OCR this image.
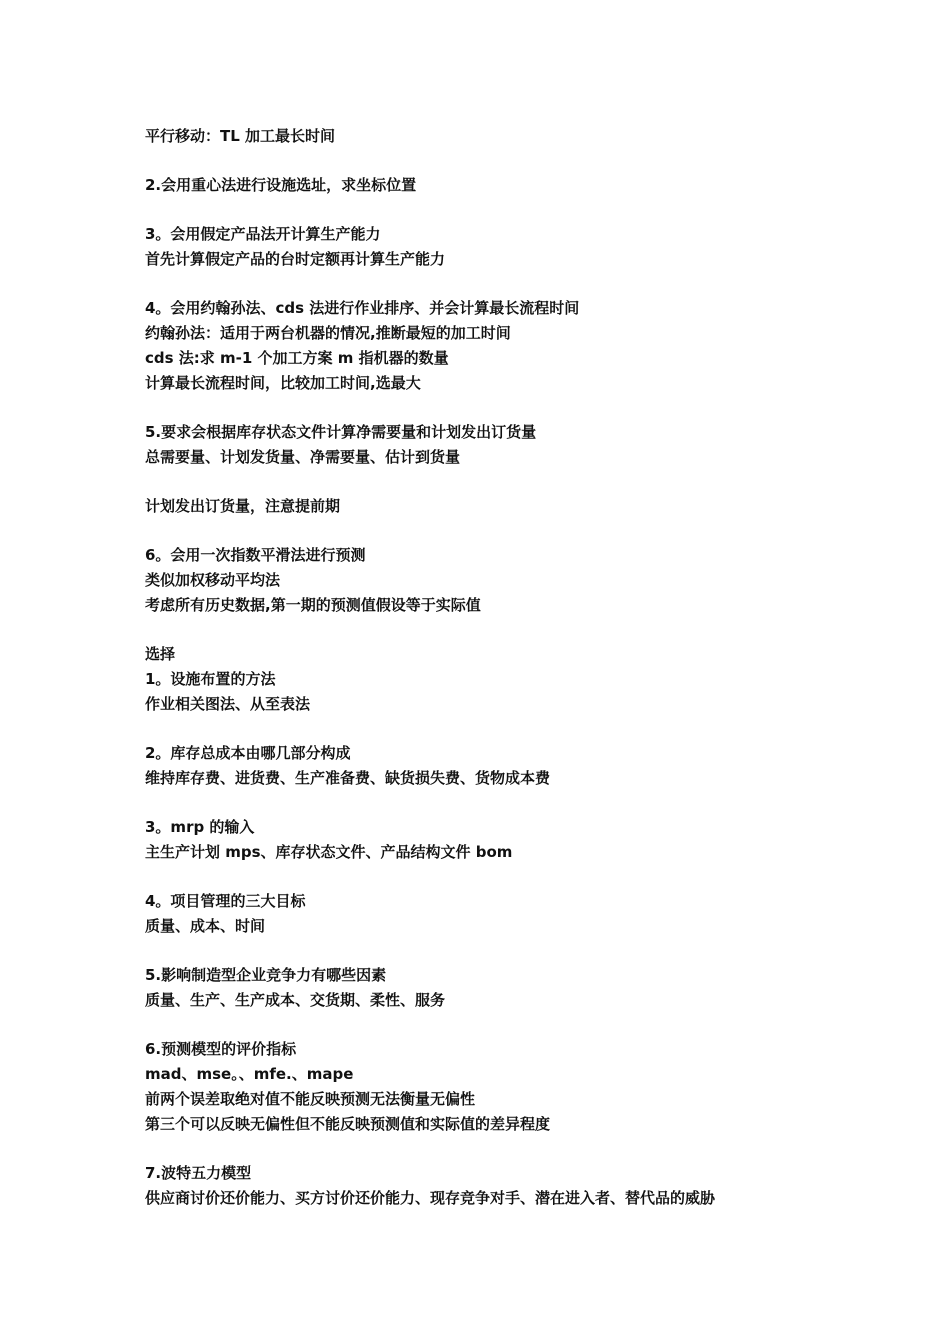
平行移动：TL 加工最长时间
2.会用重心法进行设施选址，求坐标位置
3。会用假定产品法开计算生产能力
首先计算假定产品的台时定额再计算生产能力
4。会用约翰孙法、cds 法进行作业排序、并会计算最长流程时间
约翰孙法：适用于两台机器的情况,推断最短的加工时间
cds 法:求 m-1 个加工方案 m 指机器的数量
计算最长流程时间，比较加工时间,选最大
5.要求会根据库存状态文件计算净需要量和计划发出订货量
总需要量、计划发货量、净需要量、估计到货量
计划发出订货量，注意提前期
6。会用一次指数平滑法进行预测
类似加权移动平均法
考虑所有历史数据,第一期的预测值假设等于实际值
选择
1。设施布置的方法
作业相关图法、从至表法
2。库存总成本由哪几部分构成
维持库存费、进货费、生产准备费、缺货损失费、货物成本费
3。mrp 的输入
主生产计划 mps、库存状态文件、产品结构文件 bom
4。项目管理的三大目标
质量、成本、时间
5.影响制造型企业竞争力有哪些因素
质量、生产、生产成本、交货期、柔性、服务
6.预测模型的评价指标
mad、mse。、mfe.、mape
前两个误差取绝对值不能反映预测无法衡量无偏性
第三个可以反映无偏性但不能反映预测值和实际值的差异程度
7.波特五力模型
供应商讨价还价能力、买方讨价还价能力、现存竞争对手、潜在进入者、替代品的威胁
